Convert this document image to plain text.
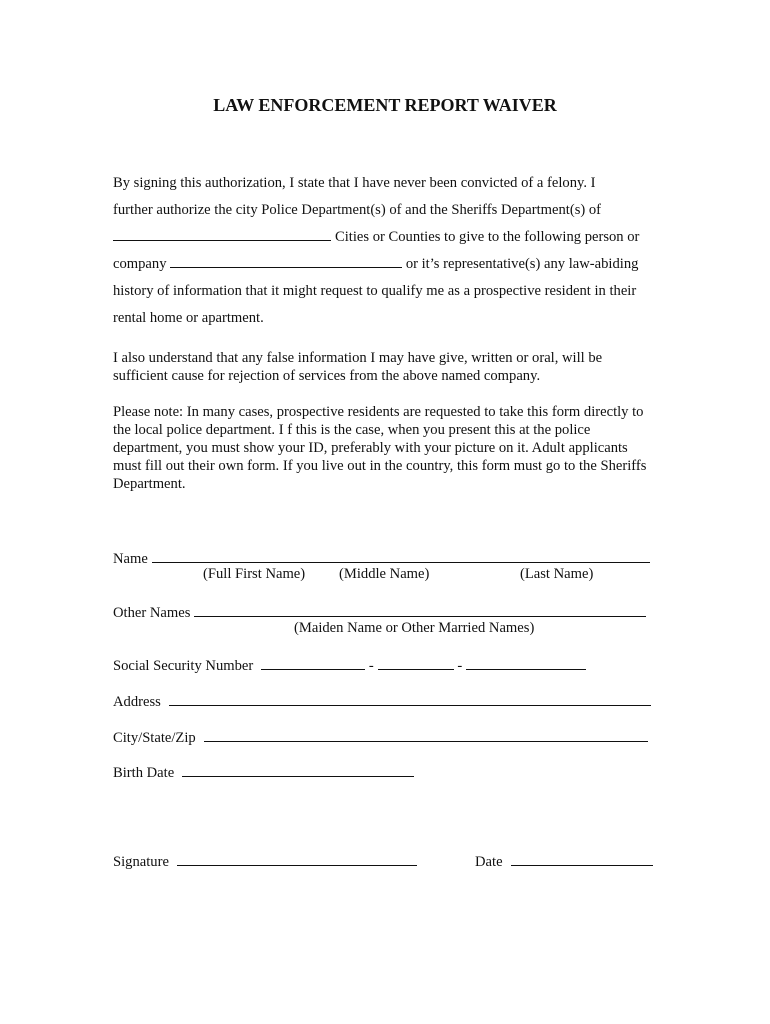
LAW ENFORCEMENT REPORT WAIVER
By signing this authorization, I state that I have never been convicted of a felony. I
further authorize the city Police Department(s) of and the Sheriffs Department(s) of
Cities or Counties to give to the following person or
company	or it’s representative(s) any law-abiding
history of information that it might request to qualify me as a prospective resident in their
rental home or apartment.

I also understand that any false information I may have give, written or oral, will be sufficient cause for rejection of services from the above named company.

Please note: In many cases, prospective residents are requested to take this form directly to the local police department. I f this is the case, when you present this at the police department, you must show your ID, preferably with your picture on it. Adult applicants must fill out their own form. If you live out in the country, this form must go to the Sheriffs Department.

Name
(Full First Name) (Middle Name)	(Last Name)
Other Names
(Maiden Name or Other Married Names)
Social Security Number	-	-
Address
City/State/Zip
Birth Date
Signature	Date
